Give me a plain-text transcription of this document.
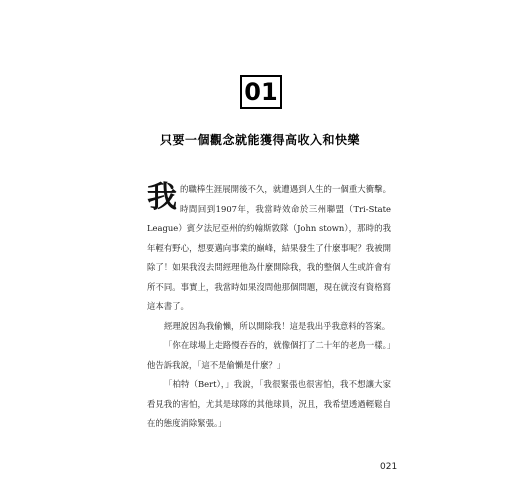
01
只要一個觀念就能獲得高收入和快樂

我的職棒生涯展開後不久，就遭遇到人生的一個重大衝擊。時間回到1907年，我當時效命於三州聯盟（Tri-State League）賓夕法尼亞州的約翰斯敦隊（John stown），那時的我年輕有野心，想要邁向事業的巔峰，結果發生了什麼事呢？我被開除了！如果我沒去問經理他為什麼開除我，我的整個人生或許會有所不同。事實上，我當時如果沒問他那個問題，現在就沒有資格寫這本書了。

經理說因為我偷懶，所以開除我！這是我出乎我意料的答案。

「你在球場上走路慢吞吞的，就像個打了二十年的老鳥一樣。」他告訴我說，「這不是偷懶是什麼？」

「柏特（Bert），」我說，「我很緊張也很害怕，我不想讓大家看見我的害怕，尤其是球隊的其他球員，況且，我希望透過輕鬆自在的態度消除緊張。」

021
